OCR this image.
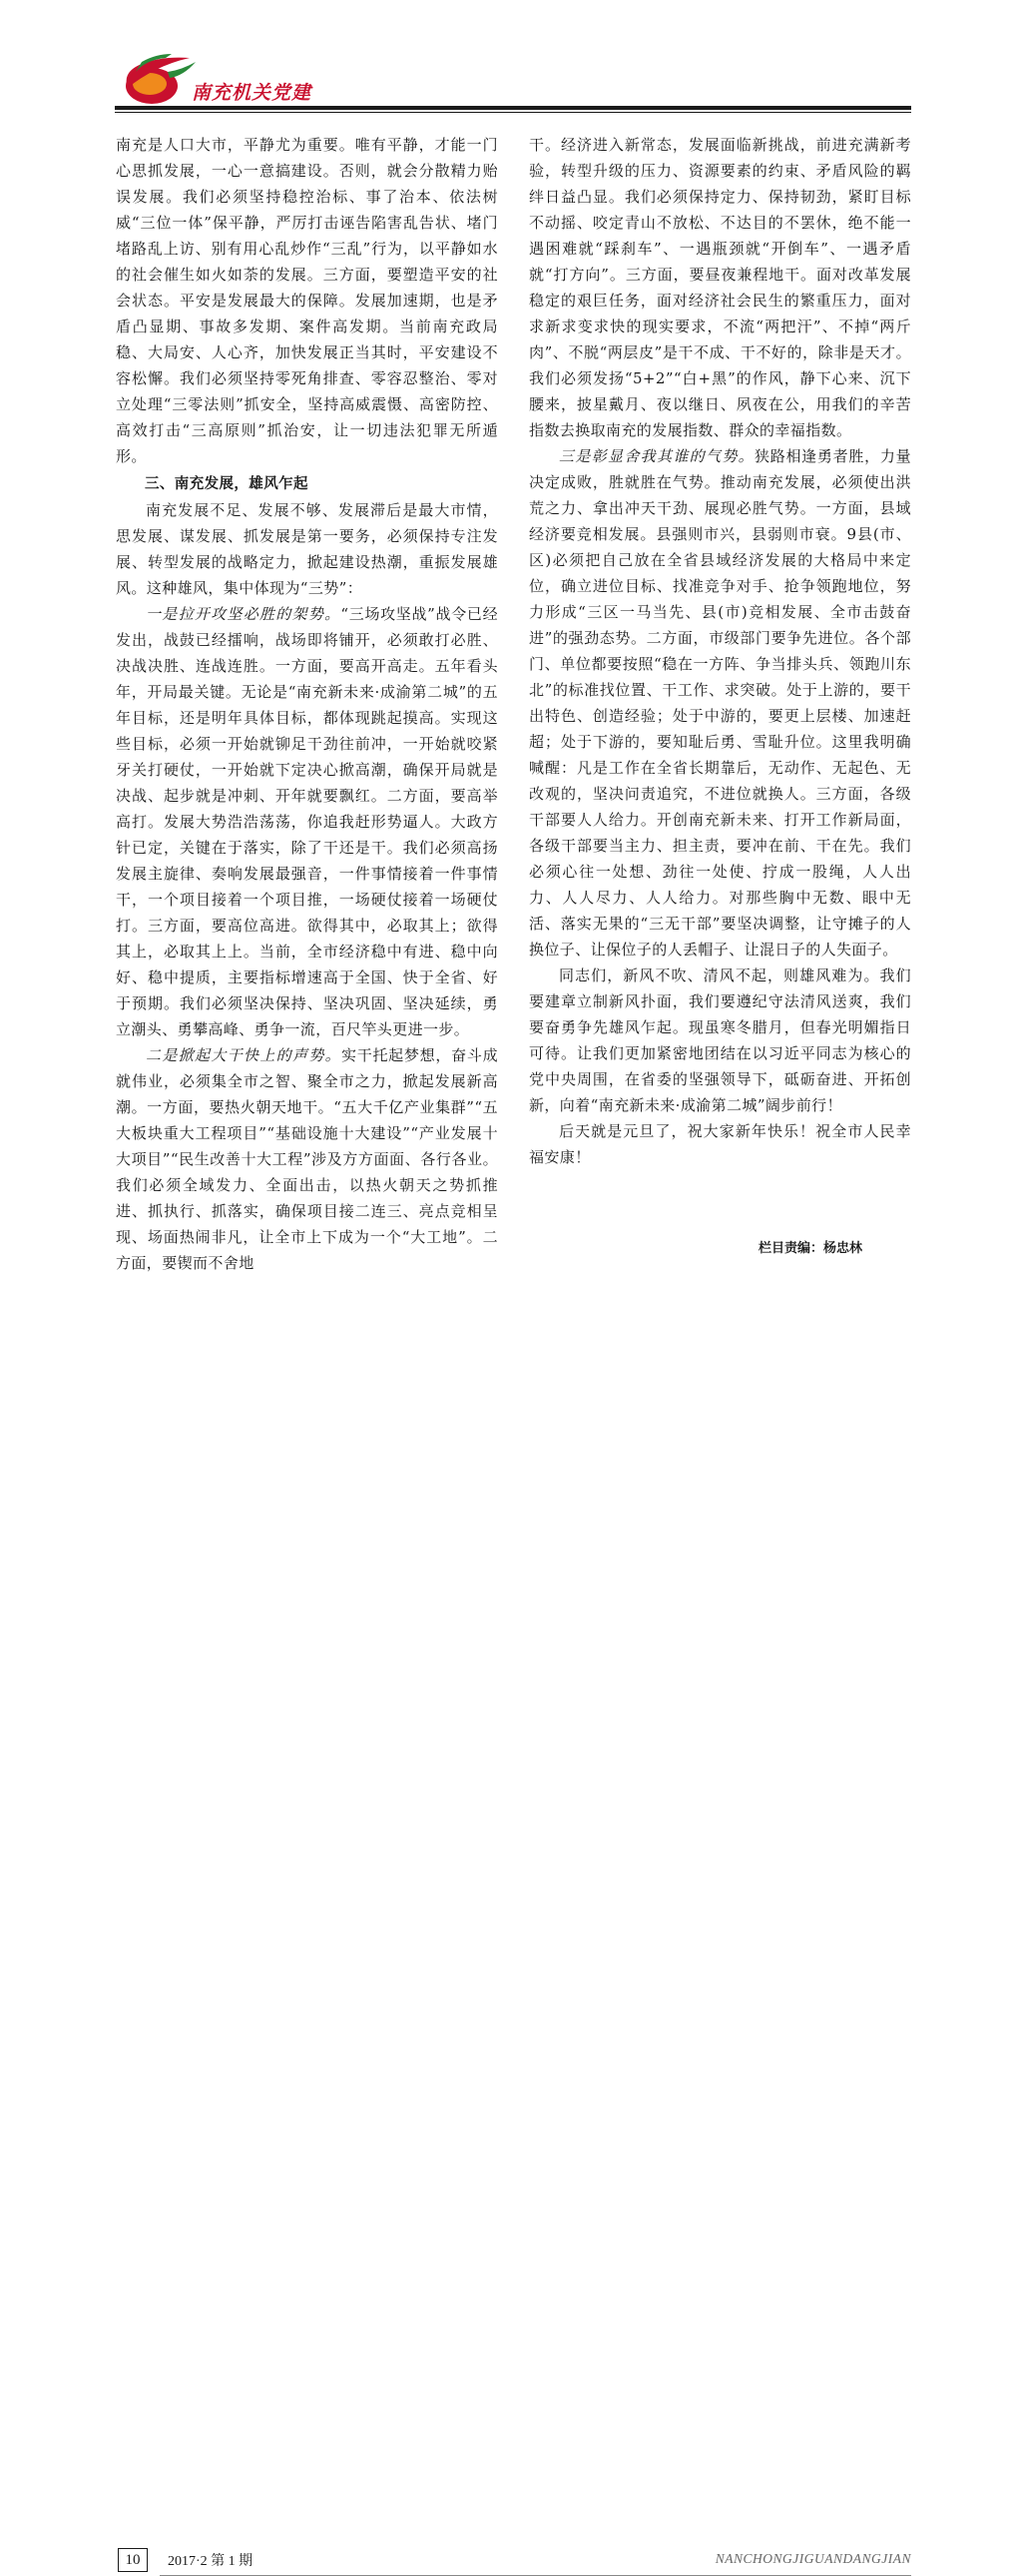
南充机关党建

南充是人口大市，平静尤为重要。唯有平静，才能一门心思抓发展，一心一意搞建设。否则，就会分散精力贻误发展。我们必须坚持稳控治标、事了治本、依法树威“三位一体”保平静，严厉打击诬告陷害乱告状、堵门堵路乱上访、别有用心乱炒作“三乱”行为，以平静如水的社会催生如火如荼的发展。三方面，要塑造平安的社会状态。平安是发展最大的保障。发展加速期，也是矛盾凸显期、事故多发期、案件高发期。当前南充政局稳、大局安、人心齐，加快发展正当其时，平安建设不容松懈。我们必须坚持零死角排查、零容忍整治、零对立处理“三零法则”抓安全，坚持高威震慑、高密防控、高效打击“三高原则”抓治安，让一切违法犯罪无所遁形。

三、南充发展，雄风乍起

南充发展不足、发展不够、发展滞后是最大市情，思发展、谋发展、抓发展是第一要务，必须保持专注发展、转型发展的战略定力，掀起建设热潮，重振发展雄风。这种雄风，集中体现为“三势”：

一是拉开攻坚必胜的架势。“三场攻坚战”战令已经发出，战鼓已经擂响，战场即将铺开，必须敢打必胜、决战决胜、连战连胜。一方面，要高开高走。五年看头年，开局最关键。无论是“南充新未来·成渝第二城”的五年目标，还是明年具体目标，都体现跳起摸高。实现这些目标，必须一开始就铆足干劲往前冲，一开始就咬紧牙关打硬仗，一开始就下定决心掀高潮，确保开局就是决战、起步就是冲刺、开年就要飘红。二方面，要高举高打。发展大势浩浩荡荡，你追我赶形势逼人。大政方针已定，关键在于落实，除了干还是干。我们必须高扬发展主旋律、奏响发展最强音，一件事情接着一件事情干，一个项目接着一个项目推，一场硬仗接着一场硬仗打。三方面，要高位高进。欲得其中，必取其上；欲得其上，必取其上上。当前，全市经济稳中有进、稳中向好、稳中提质，主要指标增速高于全国、快于全省、好于预期。我们必须坚决保持、坚决巩固、坚决延续，勇立潮头、勇攀高峰、勇争一流，百尺竿头更进一步。

二是掀起大干快上的声势。实干托起梦想，奋斗成就伟业，必须集全市之智、聚全市之力，掀起发展新高潮。一方面，要热火朝天地干。“五大千亿产业集群”“五大板块重大工程项目”“基础设施十大建设”“产业发展十大项目”“民生改善十大工程”涉及方方面面、各行各业。我们必须全域发力、全面出击，以热火朝天之势抓推进、抓执行、抓落实，确保项目接二连三、亮点竞相呈现、场面热闹非凡，让全市上下成为一个“大工地”。二方面，要锲而不舍地

干。经济进入新常态，发展面临新挑战，前进充满新考验，转型升级的压力、资源要素的约束、矛盾风险的羁绊日益凸显。我们必须保持定力、保持韧劲，紧盯目标不动摇、咬定青山不放松、不达目的不罢休，绝不能一遇困难就“踩刹车”、一遇瓶颈就“开倒车”、一遇矛盾就“打方向”。三方面，要昼夜兼程地干。面对改革发展稳定的艰巨任务，面对经济社会民生的繁重压力，面对求新求变求快的现实要求，不流“两把汗”、不掉“两斤肉”、不脱“两层皮”是干不成、干不好的，除非是天才。我们必须发扬“5+2”“白+黑”的作风，静下心来、沉下腰来，披星戴月、夜以继日、夙夜在公，用我们的辛苦指数去换取南充的发展指数、群众的幸福指数。

三是彰显舍我其谁的气势。狭路相逢勇者胜，力量决定成败，胜就胜在气势。推动南充发展，必须使出洪荒之力、拿出冲天干劲、展现必胜气势。一方面，县域经济要竞相发展。县强则市兴，县弱则市衰。9县(市、区)必须把自己放在全省县域经济发展的大格局中来定位，确立进位目标、找准竞争对手、抢争领跑地位，努力形成“三区一马当先、县(市)竞相发展、全市击鼓奋进”的强劲态势。二方面，市级部门要争先进位。各个部门、单位都要按照“稳在一方阵、争当排头兵、领跑川东北”的标准找位置、干工作、求突破。处于上游的，要干出特色、创造经验；处于中游的，要更上层楼、加速赶超；处于下游的，要知耻后勇、雪耻升位。这里我明确喊醒：凡是工作在全省长期靠后，无动作、无起色、无改观的，坚决问责追究，不进位就换人。三方面，各级干部要人人给力。开创南充新未来、打开工作新局面，各级干部要当主力、担主责，要冲在前、干在先。我们必须心往一处想、劲往一处使、拧成一股绳，人人出力、人人尽力、人人给力。对那些胸中无数、眼中无活、落实无果的“三无干部”要坚决调整，让守摊子的人换位子、让保位子的人丢帽子、让混日子的人失面子。

同志们，新风不吹、清风不起，则雄风难为。我们要建章立制新风扑面，我们要遵纪守法清风送爽，我们要奋勇争先雄风乍起。现虽寒冬腊月，但春光明媚指日可待。让我们更加紧密地团结在以习近平同志为核心的党中央周围，在省委的坚强领导下，砥砺奋进、开拓创新，向着“南充新未来·成渝第二城”阔步前行！

后天就是元旦了，祝大家新年快乐！祝全市人民幸福安康！

栏目责编：杨忠林
10	2017·2 第 1 期	NANCHONGJIGUANDANGJIAN
